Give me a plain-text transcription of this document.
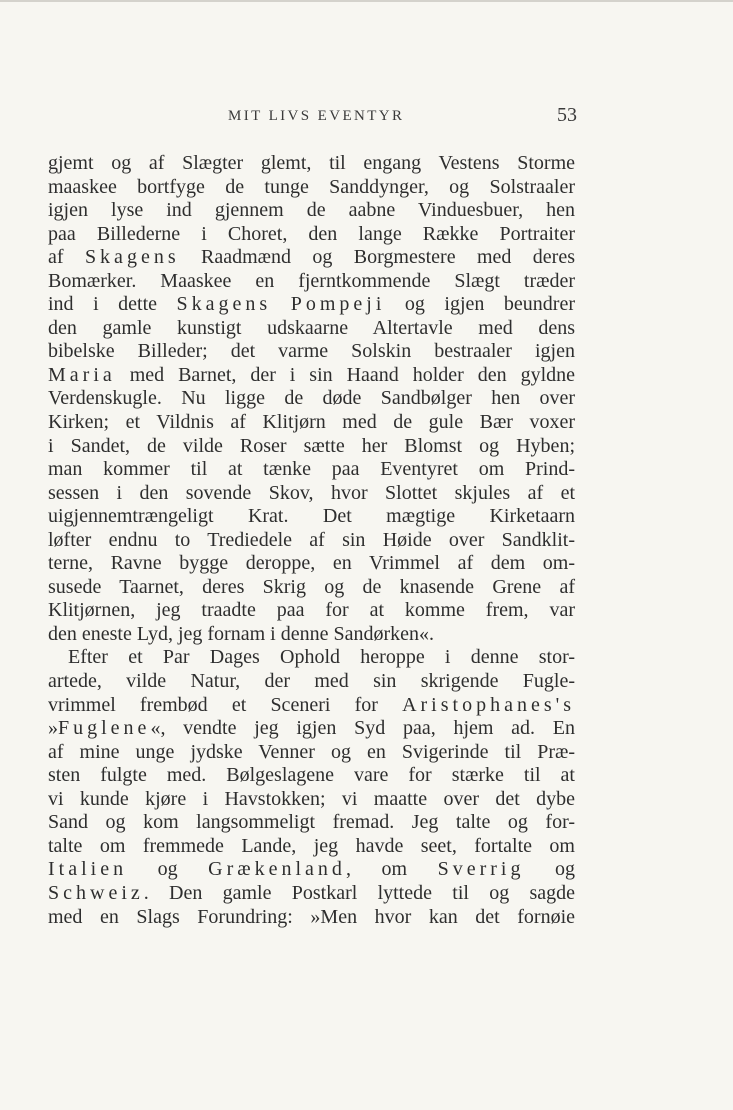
MIT LIVS EVENTYR	53
gjemt og af Slægter glemt, til engang Vestens Storme
maaskee bortfyge de tunge Sanddynger, og Solstraaler
igjen lyse ind gjennem de aabne Vinduesbuer, hen
paa Billederne i Choret, den lange Række Portraiter
af Skagens Raadmænd og Borgmestere med deres
Bomærker. Maaskee en fjerntkommende Slægt træder
ind i dette Skagens Pompeji og igjen beundrer
den gamle kunstigt udskaarne Altertavle med dens
bibelske Billeder; det varme Solskin bestraaler igjen
Maria med Barnet, der i sin Haand holder den gyldne
Verdenskugle. Nu ligge de døde Sandbølger hen over
Kirken; et Vildnis af Klitjørn med de gule Bær voxer
i Sandet, de vilde Roser sætte her Blomst og Hyben;
man kommer til at tænke paa Eventyret om Prind-
sessen i den sovende Skov, hvor Slottet skjules af et
uigjennemtrængeligt Krat. Det mægtige Kirketaarn
løfter endnu to Trediedele af sin Høide over Sandklit-
terne, Ravne bygge deroppe, en Vrimmel af dem om-
susede Taarnet, deres Skrig og de knasende Grene af
Klitjørnen, jeg traadte paa for at komme frem, var
den eneste Lyd, jeg fornam i denne Sandørken«.
Efter et Par Dages Ophold heroppe i denne stor-
artede, vilde Natur, der med sin skrigende Fugle-
vrimmel frembød et Sceneri for Aristophanes's
»Fuglene«, vendte jeg igjen Syd paa, hjem ad. En
af mine unge jydske Venner og en Svigerinde til Præ-
sten fulgte med. Bølgeslagene vare for stærke til at
vi kunde kjøre i Havstokken; vi maatte over det dybe
Sand og kom langsommeligt fremad. Jeg talte og for-
talte om fremmede Lande, jeg havde seet, fortalte om
Italien og Grækenland, om Sverrig og
Schweiz. Den gamle Postkarl lyttede til og sagde
med en Slags Forundring: »Men hvor kan det fornøie
